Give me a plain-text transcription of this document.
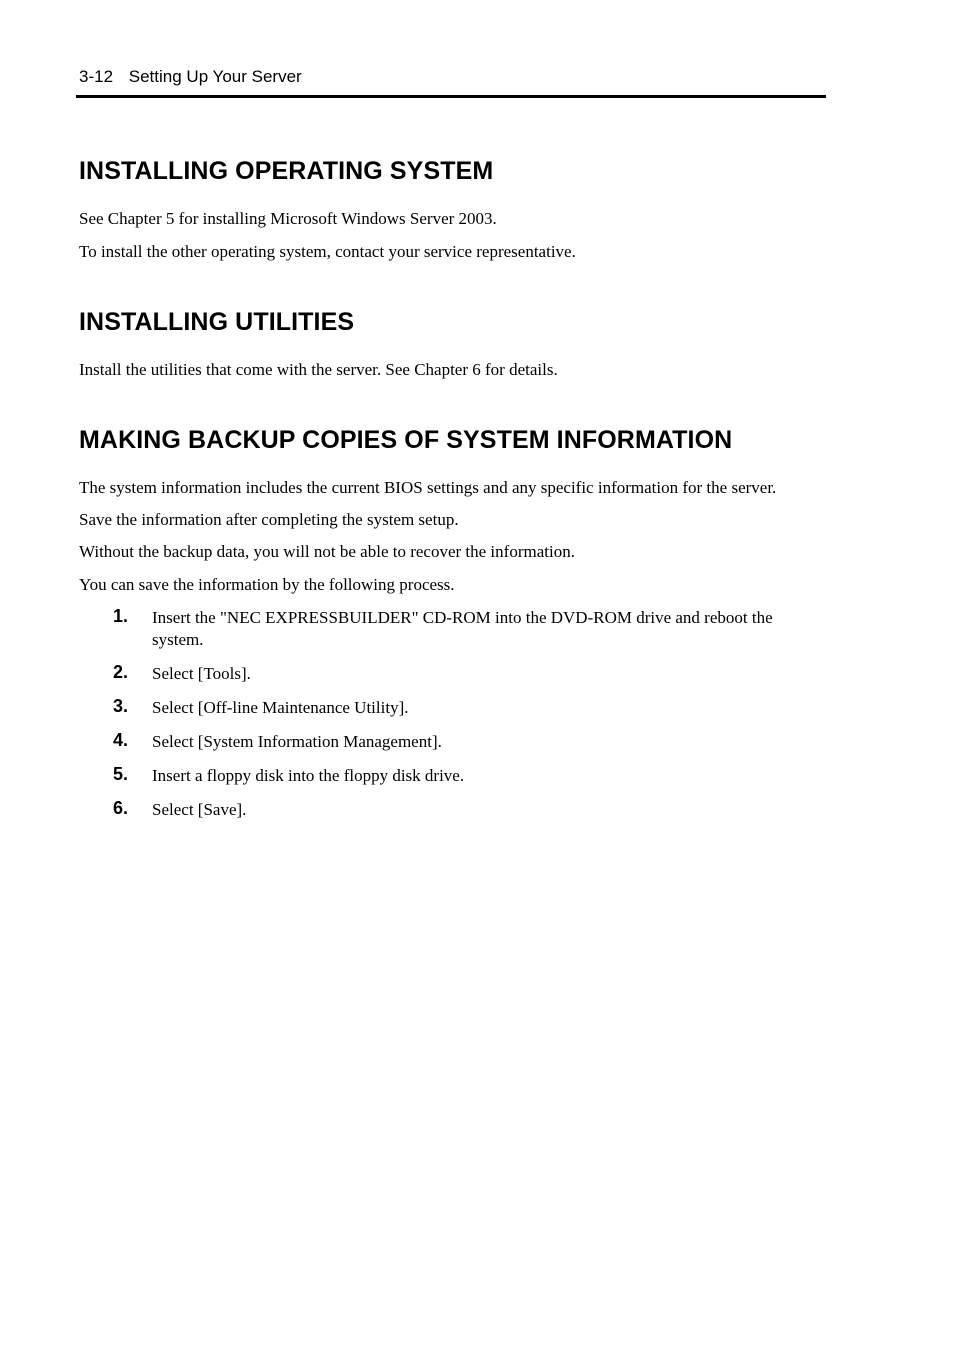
3-12 Setting Up Your Server
INSTALLING OPERATING SYSTEM

See Chapter 5 for installing Microsoft Windows Server 2003.

To install the other operating system, contact your service representative.

INSTALLING UTILITIES

Install the utilities that come with the server. See Chapter 6 for details.

MAKING BACKUP COPIES OF SYSTEM INFORMATION

The system information includes the current BIOS settings and any specific information for the server.

Save the information after completing the system setup.

Without the backup data, you will not be able to recover the information.

You can save the information by the following process.

1. Insert the "NEC EXPRESSBUILDER" CD-ROM into the DVD-ROM drive and reboot the system.
2. Select [Tools].
3. Select [Off-line Maintenance Utility].
4. Select [System Information Management].
5. Insert a floppy disk into the floppy disk drive.
6. Select [Save].
